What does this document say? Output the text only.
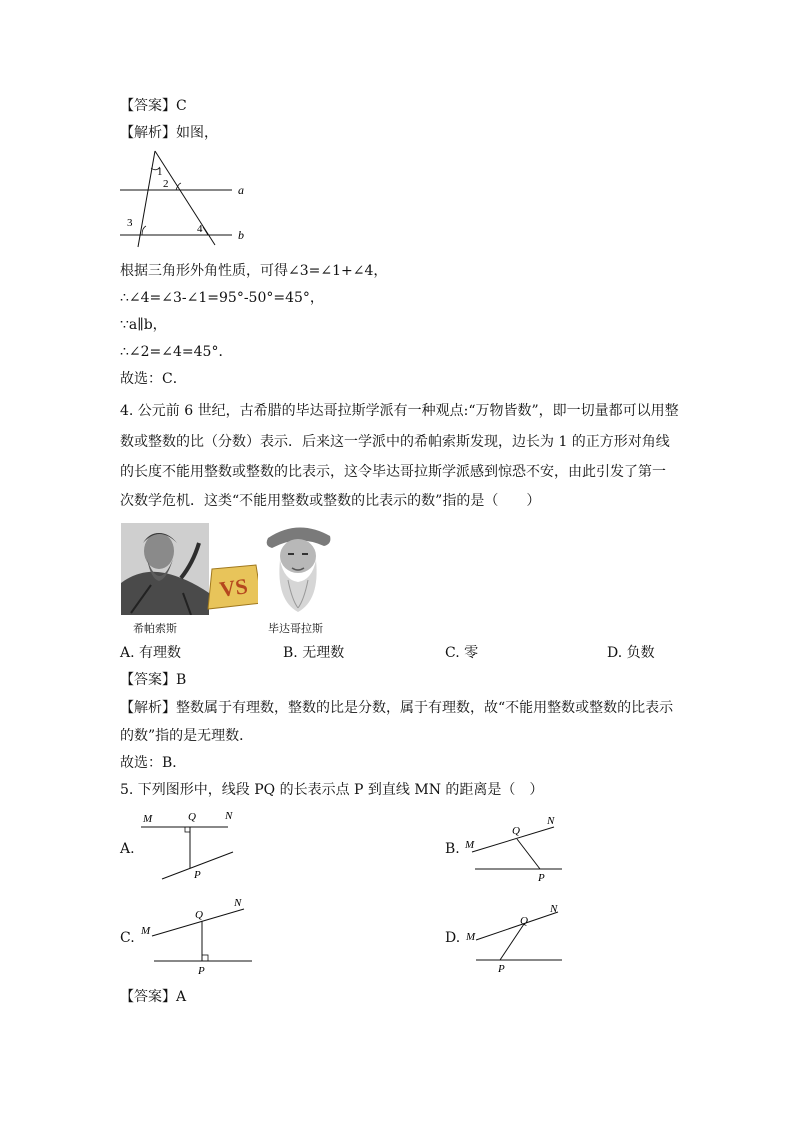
【答案】C
【解析】如图，
1
2
3	4
a
b
根据三角形外角性质，可得∠3=∠1+∠4，
∴∠4=∠3-∠1=95°-50°=45°，
∵a∥b，
∴∠2=∠4=45°．
故选：C．
4. 公元前 6 世纪，古希腊的毕达哥拉斯学派有一种观点:“万物皆数”，即一切量都可以用整
数或整数的比（分数）表示．后来这一学派中的希帕索斯发现，边长为 1 的正方形对角线
的长度不能用整数或整数的比表示，这令毕达哥拉斯学派感到惊恐不安，由此引发了第一
次数学危机．这类“不能用整数或整数的比表示的数”指的是（　　）
VS
希帕索斯	毕达哥拉斯
A. 有理数	B. 无理数	C. 零	D. 负数
【答案】B
【解析】整数属于有理数，整数的比是分数，属于有理数，故“不能用整数或整数的比表示
的数”指的是无理数．
故选：B．
5. 下列图形中，线段 PQ 的长表示点 P 到直线 MN 的距离是（　）
A.
M	Q	N
P
B. M
Q
N
P
C. M
Q
N
P
D. M
Q
N
P
【答案】A
